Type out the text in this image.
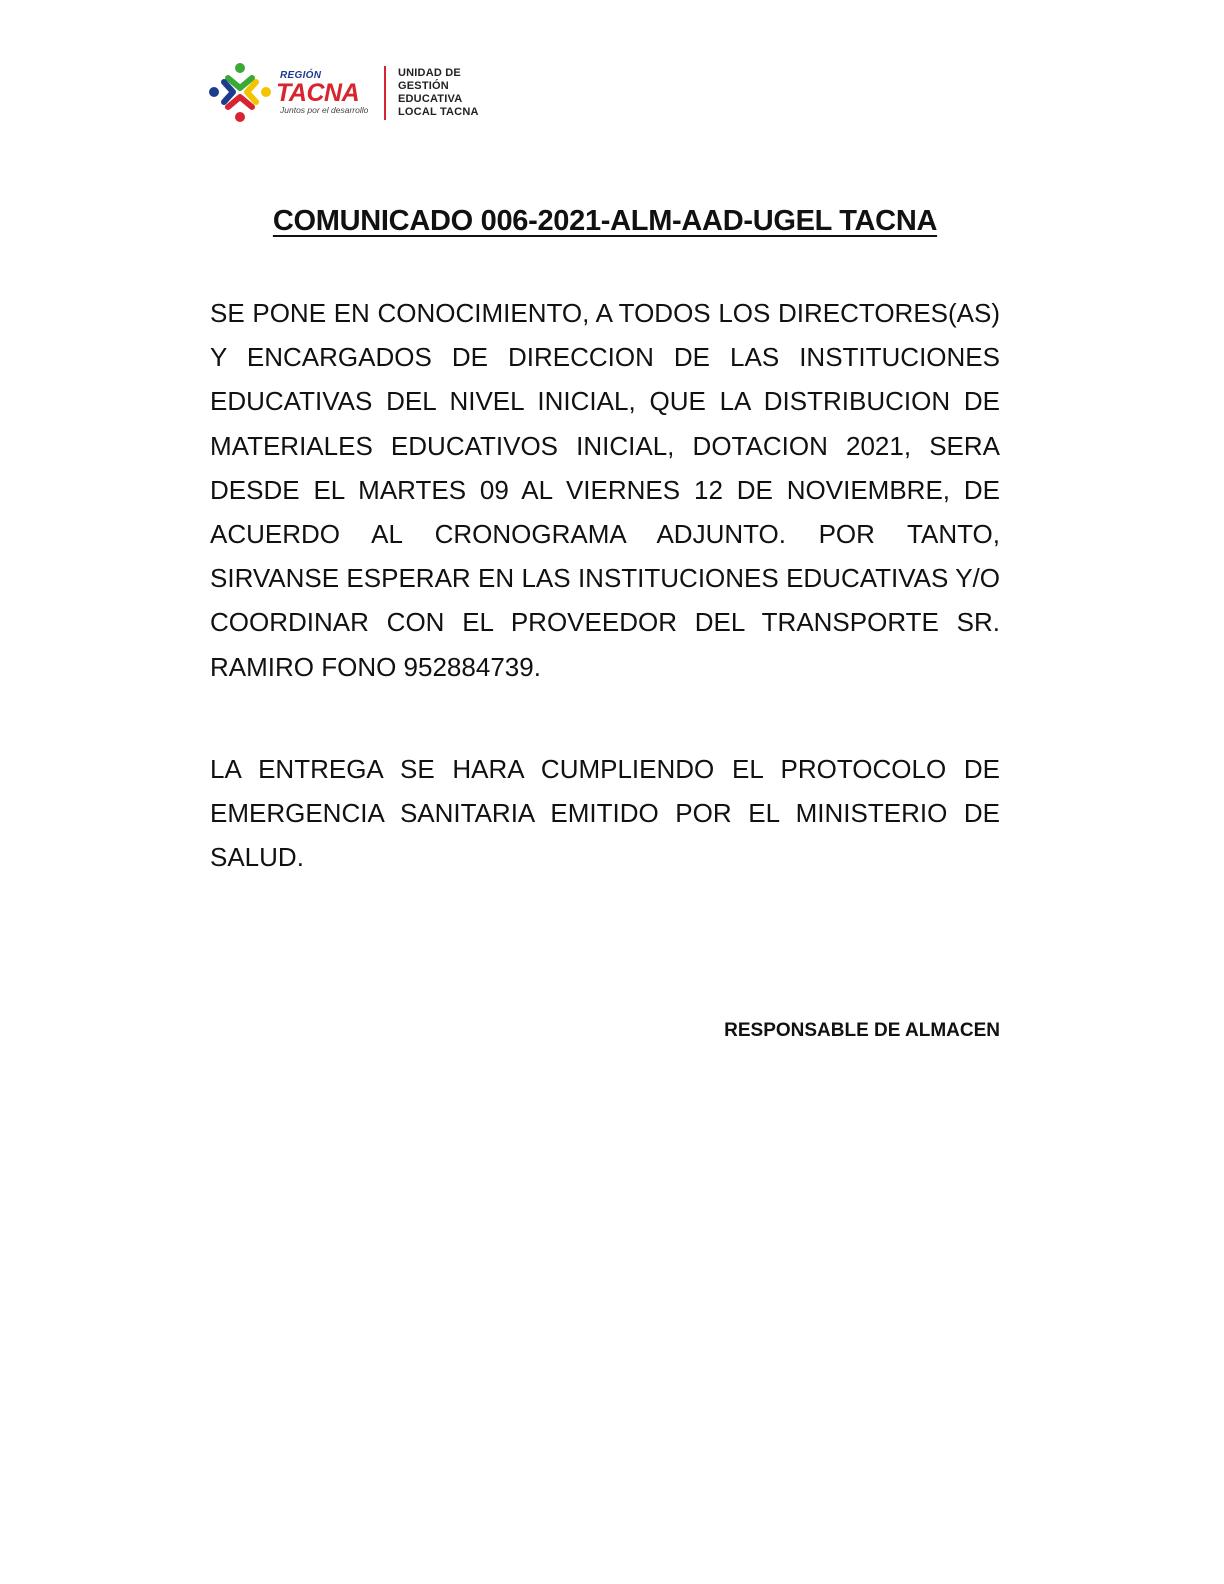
REGIÓN
TACNA
Juntos por el desarrollo
UNIDAD DE
GESTIÓN
EDUCATIVA
LOCAL TACNA
COMUNICADO 006-2021-ALM-AAD-UGEL TACNA

SE PONE EN CONOCIMIENTO, A TODOS LOS DIRECTORES(AS) Y ENCARGADOS DE DIRECCION DE LAS INSTITUCIONES EDUCATIVAS DEL NIVEL INICIAL, QUE LA DISTRIBUCION DE MATERIALES EDUCATIVOS INICIAL, DOTACION 2021, SERA DESDE EL MARTES 09 AL VIERNES 12 DE NOVIEMBRE, DE ACUERDO AL CRONOGRAMA ADJUNTO. POR TANTO, SIRVANSE ESPERAR EN LAS INSTITUCIONES EDUCATIVAS Y/O COORDINAR CON EL PROVEEDOR DEL TRANSPORTE SR. RAMIRO FONO 952884739.

LA ENTREGA SE HARA CUMPLIENDO EL PROTOCOLO DE EMERGENCIA SANITARIA EMITIDO POR EL MINISTERIO DE SALUD.

RESPONSABLE DE ALMACEN
